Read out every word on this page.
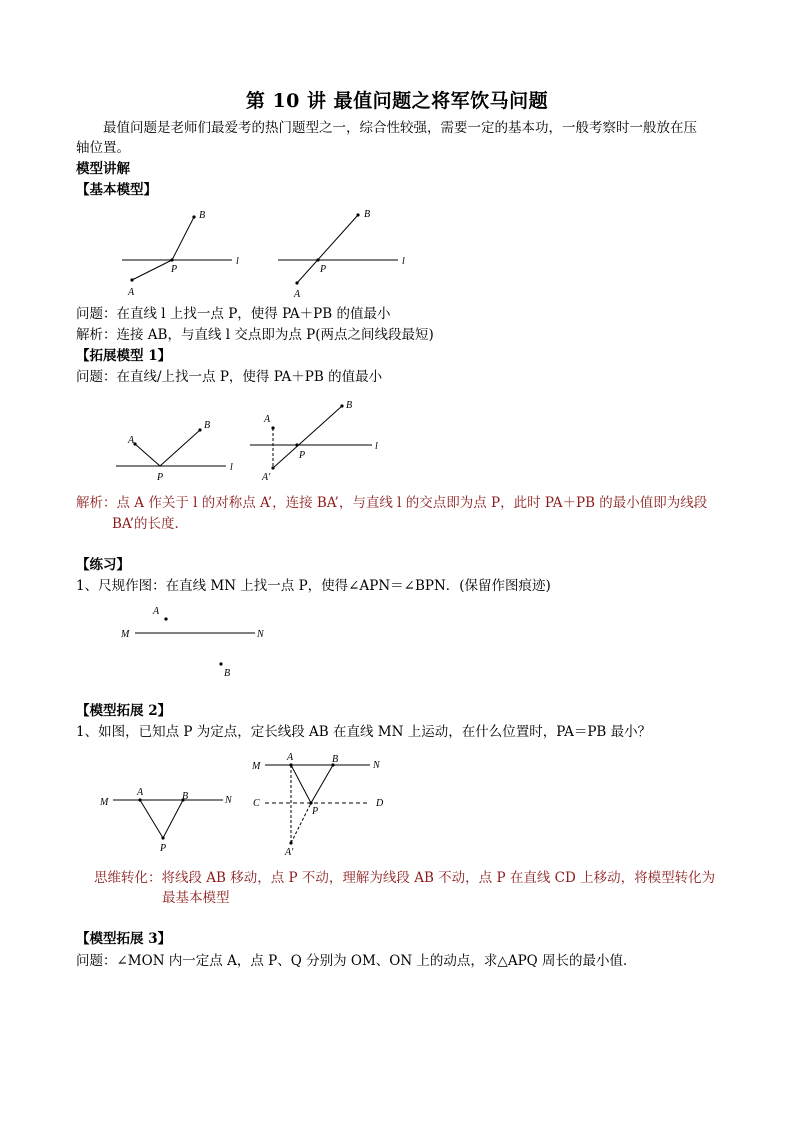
第 10 讲 最值问题之将军饮马问题
最值问题是老师们最爱考的热门题型之一，综合性较强，需要一定的基本功，一般考察时一般放在压
轴位置。
模型讲解
【基本模型】
B
A
P
l
B
A
P
l
问题：在直线 l 上找一点 P，使得 PA＋PB 的值最小
解析：连接 AB，与直线 l 交点即为点 P(两点之间线段最短)
【拓展模型 1】
问题：在直线/上找一点 P，使得 PA＋PB 的值最小
A
B
P
l
A
B
P
A'
l
解析：点 A 作关于 l 的对称点 A’，连接 BA’，与直线 l 的交点即为点 P，此时 PA＋PB 的最小值即为线段
BA’的长度.
【练习】
1、尺规作图：在直线 MN 上找一点 P，使得∠APN＝∠BPN．(保留作图痕迹)
A
M	N
B
【模型拓展 2】
1、如图，已知点 P 为定点，定长线段 AB 在直线 MN 上运动，在什么位置时，PA＝PB 最小？
M
A	B	N
P
M
A	B
N
C	D
P
A'
思维转化：将线段 AB 移动，点 P 不动，理解为线段 AB 不动，点 P 在直线 CD 上移动，将模型转化为
最基本模型
【模型拓展 3】
问题：∠MON 内一定点 A，点 P、Q 分别为 OM、ON 上的动点，求△APQ 周长的最小值．
